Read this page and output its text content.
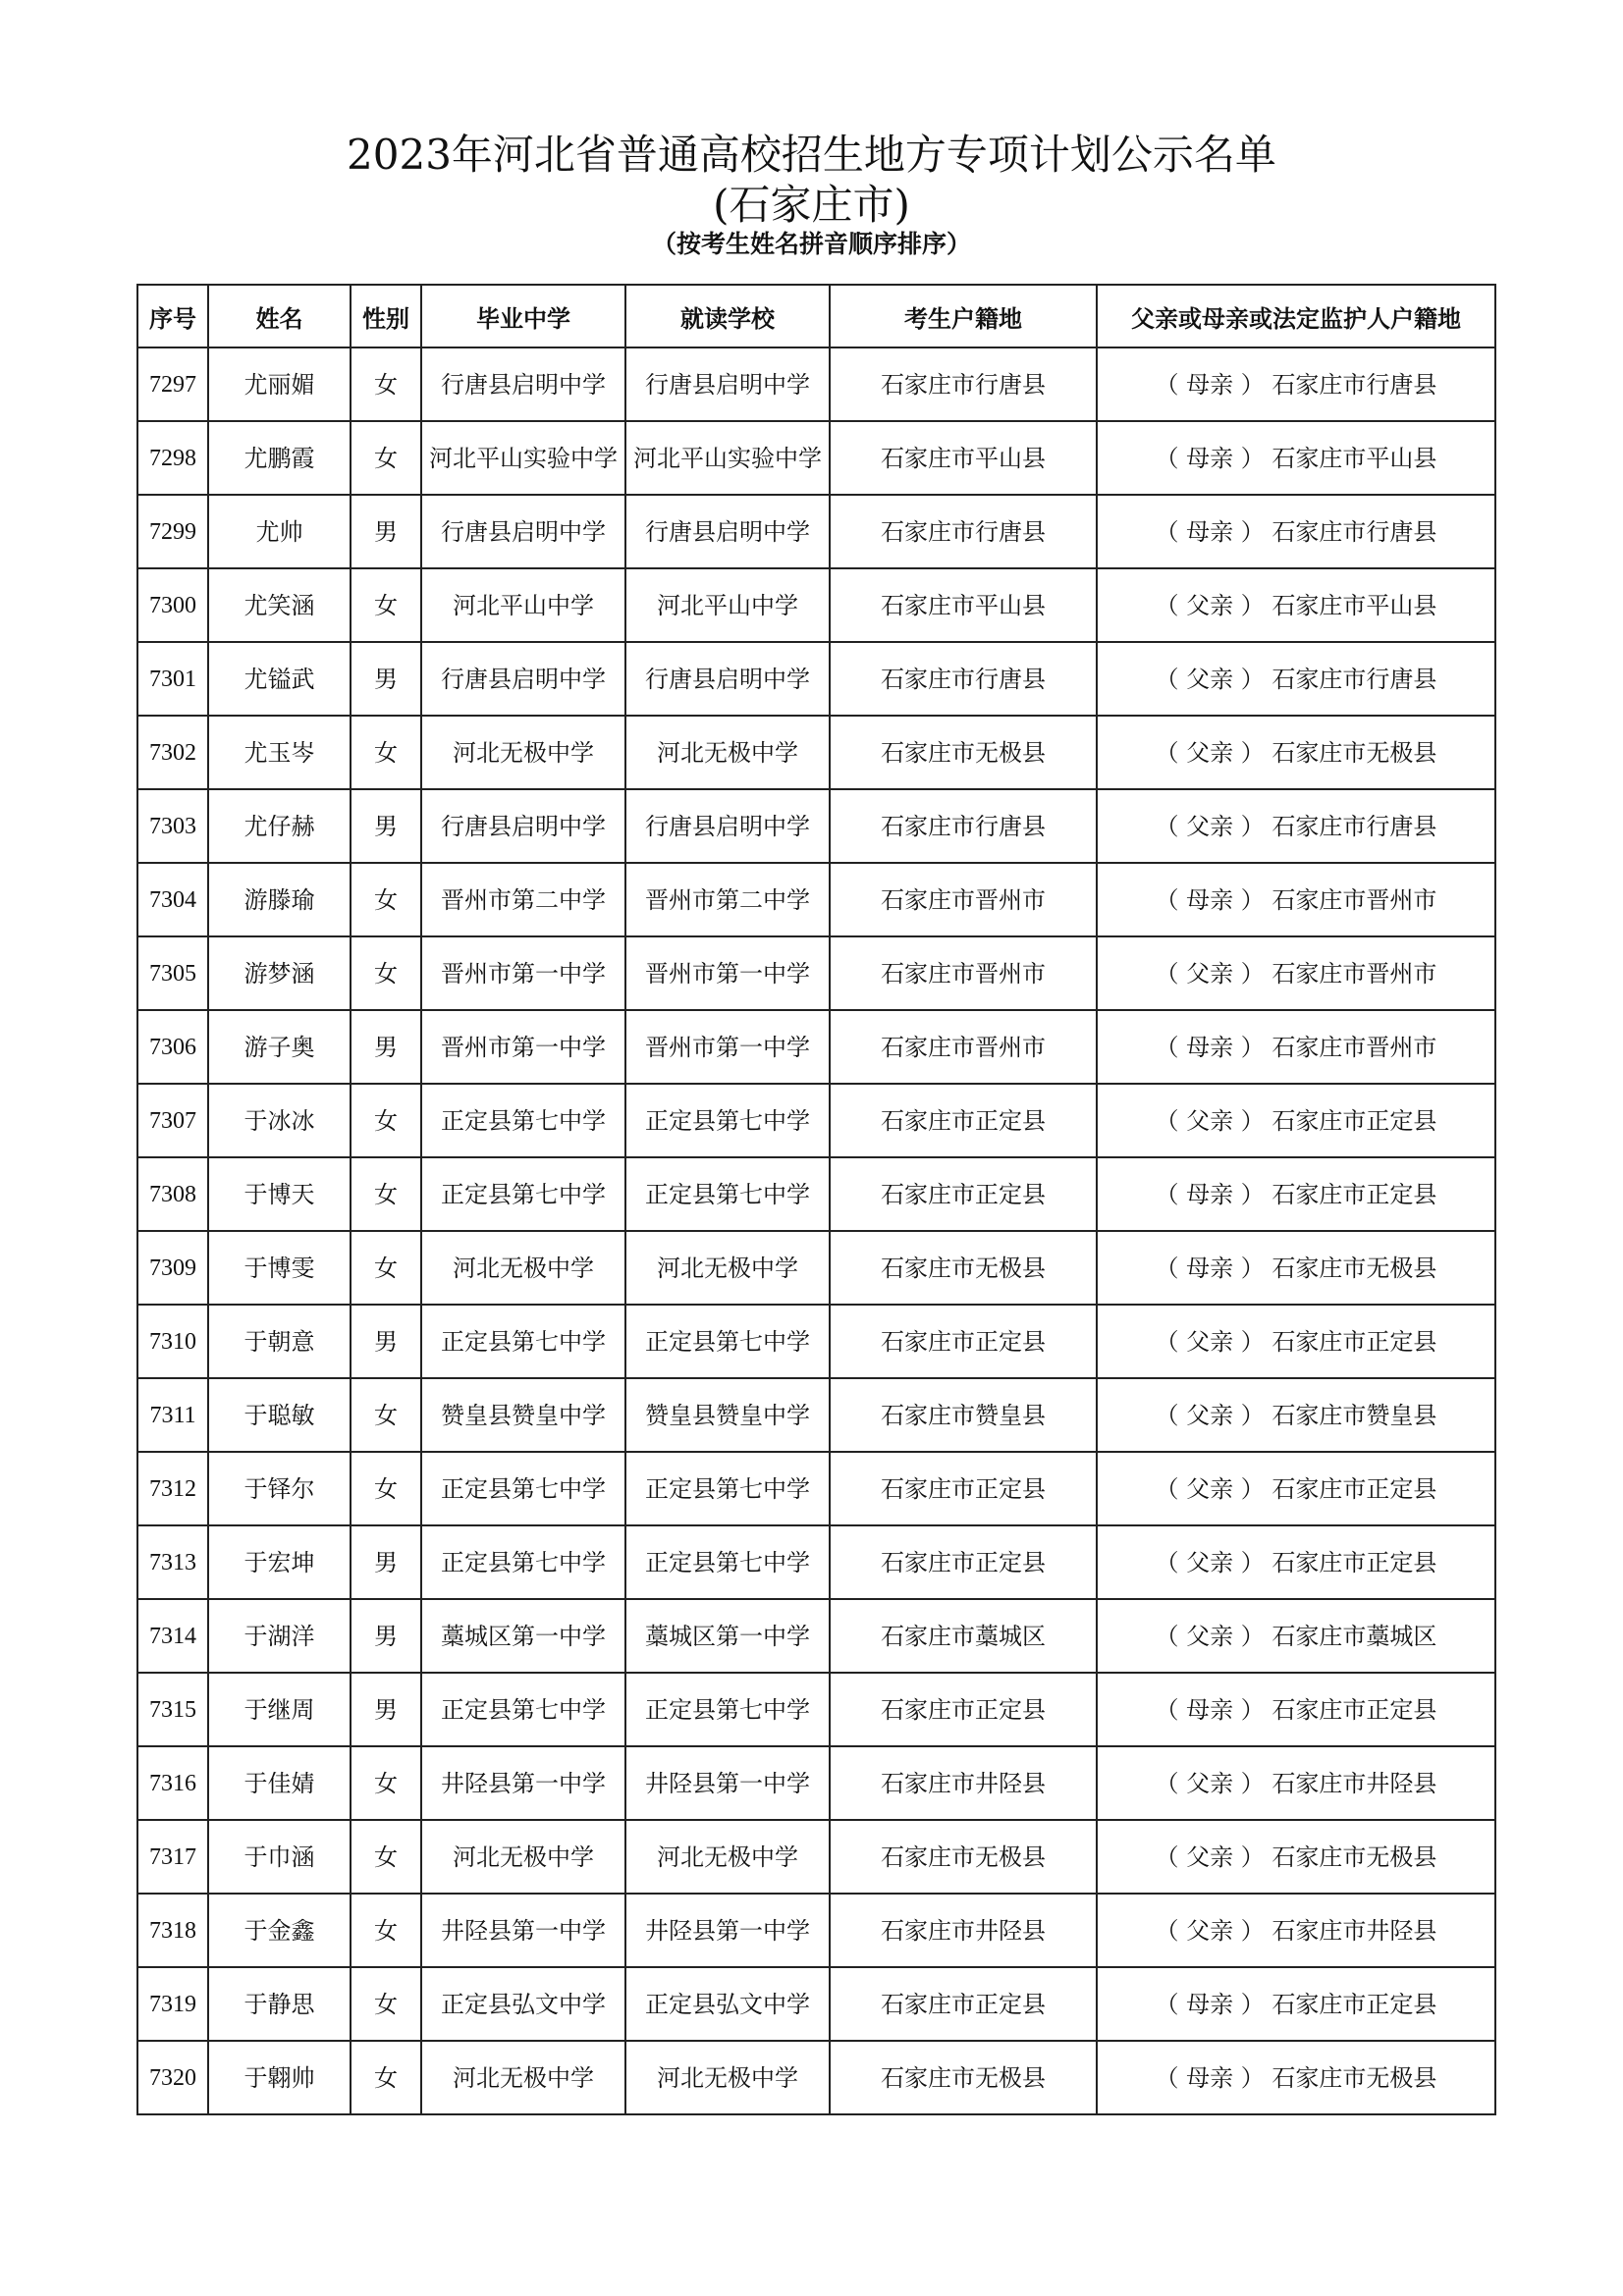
2023年河北省普通高校招生地方专项计划公示名单
(石家庄市)
（按考生姓名拼音顺序排序）
序号	姓名	性别	毕业中学	就读学校	考生户籍地	父亲或母亲或法定监护人户籍地
7297	尤丽媚	女	行唐县启明中学	行唐县启明中学	石家庄市行唐县	（ 母亲 ） 石家庄市行唐县
7298	尤鹏霞	女	河北平山实验中学	河北平山实验中学	石家庄市平山县	（ 母亲 ） 石家庄市平山县
7299	尤帅	男	行唐县启明中学	行唐县启明中学	石家庄市行唐县	（ 母亲 ） 石家庄市行唐县
7300	尤笑涵	女	河北平山中学	河北平山中学	石家庄市平山县	（ 父亲 ） 石家庄市平山县
7301	尤镒武	男	行唐县启明中学	行唐县启明中学	石家庄市行唐县	（ 父亲 ） 石家庄市行唐县
7302	尤玉岑	女	河北无极中学	河北无极中学	石家庄市无极县	（ 父亲 ） 石家庄市无极县
7303	尤仔赫	男	行唐县启明中学	行唐县启明中学	石家庄市行唐县	（ 父亲 ） 石家庄市行唐县
7304	游滕瑜	女	晋州市第二中学	晋州市第二中学	石家庄市晋州市	（ 母亲 ） 石家庄市晋州市
7305	游梦涵	女	晋州市第一中学	晋州市第一中学	石家庄市晋州市	（ 父亲 ） 石家庄市晋州市
7306	游子奥	男	晋州市第一中学	晋州市第一中学	石家庄市晋州市	（ 母亲 ） 石家庄市晋州市
7307	于冰冰	女	正定县第七中学	正定县第七中学	石家庄市正定县	（ 父亲 ） 石家庄市正定县
7308	于博天	女	正定县第七中学	正定县第七中学	石家庄市正定县	（ 母亲 ） 石家庄市正定县
7309	于博雯	女	河北无极中学	河北无极中学	石家庄市无极县	（ 母亲 ） 石家庄市无极县
7310	于朝意	男	正定县第七中学	正定县第七中学	石家庄市正定县	（ 父亲 ） 石家庄市正定县
7311	于聪敏	女	赞皇县赞皇中学	赞皇县赞皇中学	石家庄市赞皇县	（ 父亲 ） 石家庄市赞皇县
7312	于铎尔	女	正定县第七中学	正定县第七中学	石家庄市正定县	（ 父亲 ） 石家庄市正定县
7313	于宏坤	男	正定县第七中学	正定县第七中学	石家庄市正定县	（ 父亲 ） 石家庄市正定县
7314	于湖洋	男	藁城区第一中学	藁城区第一中学	石家庄市藁城区	（ 父亲 ） 石家庄市藁城区
7315	于继周	男	正定县第七中学	正定县第七中学	石家庄市正定县	（ 母亲 ） 石家庄市正定县
7316	于佳婧	女	井陉县第一中学	井陉县第一中学	石家庄市井陉县	（ 父亲 ） 石家庄市井陉县
7317	于巾涵	女	河北无极中学	河北无极中学	石家庄市无极县	（ 父亲 ） 石家庄市无极县
7318	于金鑫	女	井陉县第一中学	井陉县第一中学	石家庄市井陉县	（ 父亲 ） 石家庄市井陉县
7319	于静思	女	正定县弘文中学	正定县弘文中学	石家庄市正定县	（ 母亲 ） 石家庄市正定县
7320	于翺帅	女	河北无极中学	河北无极中学	石家庄市无极县	（ 母亲 ） 石家庄市无极县
